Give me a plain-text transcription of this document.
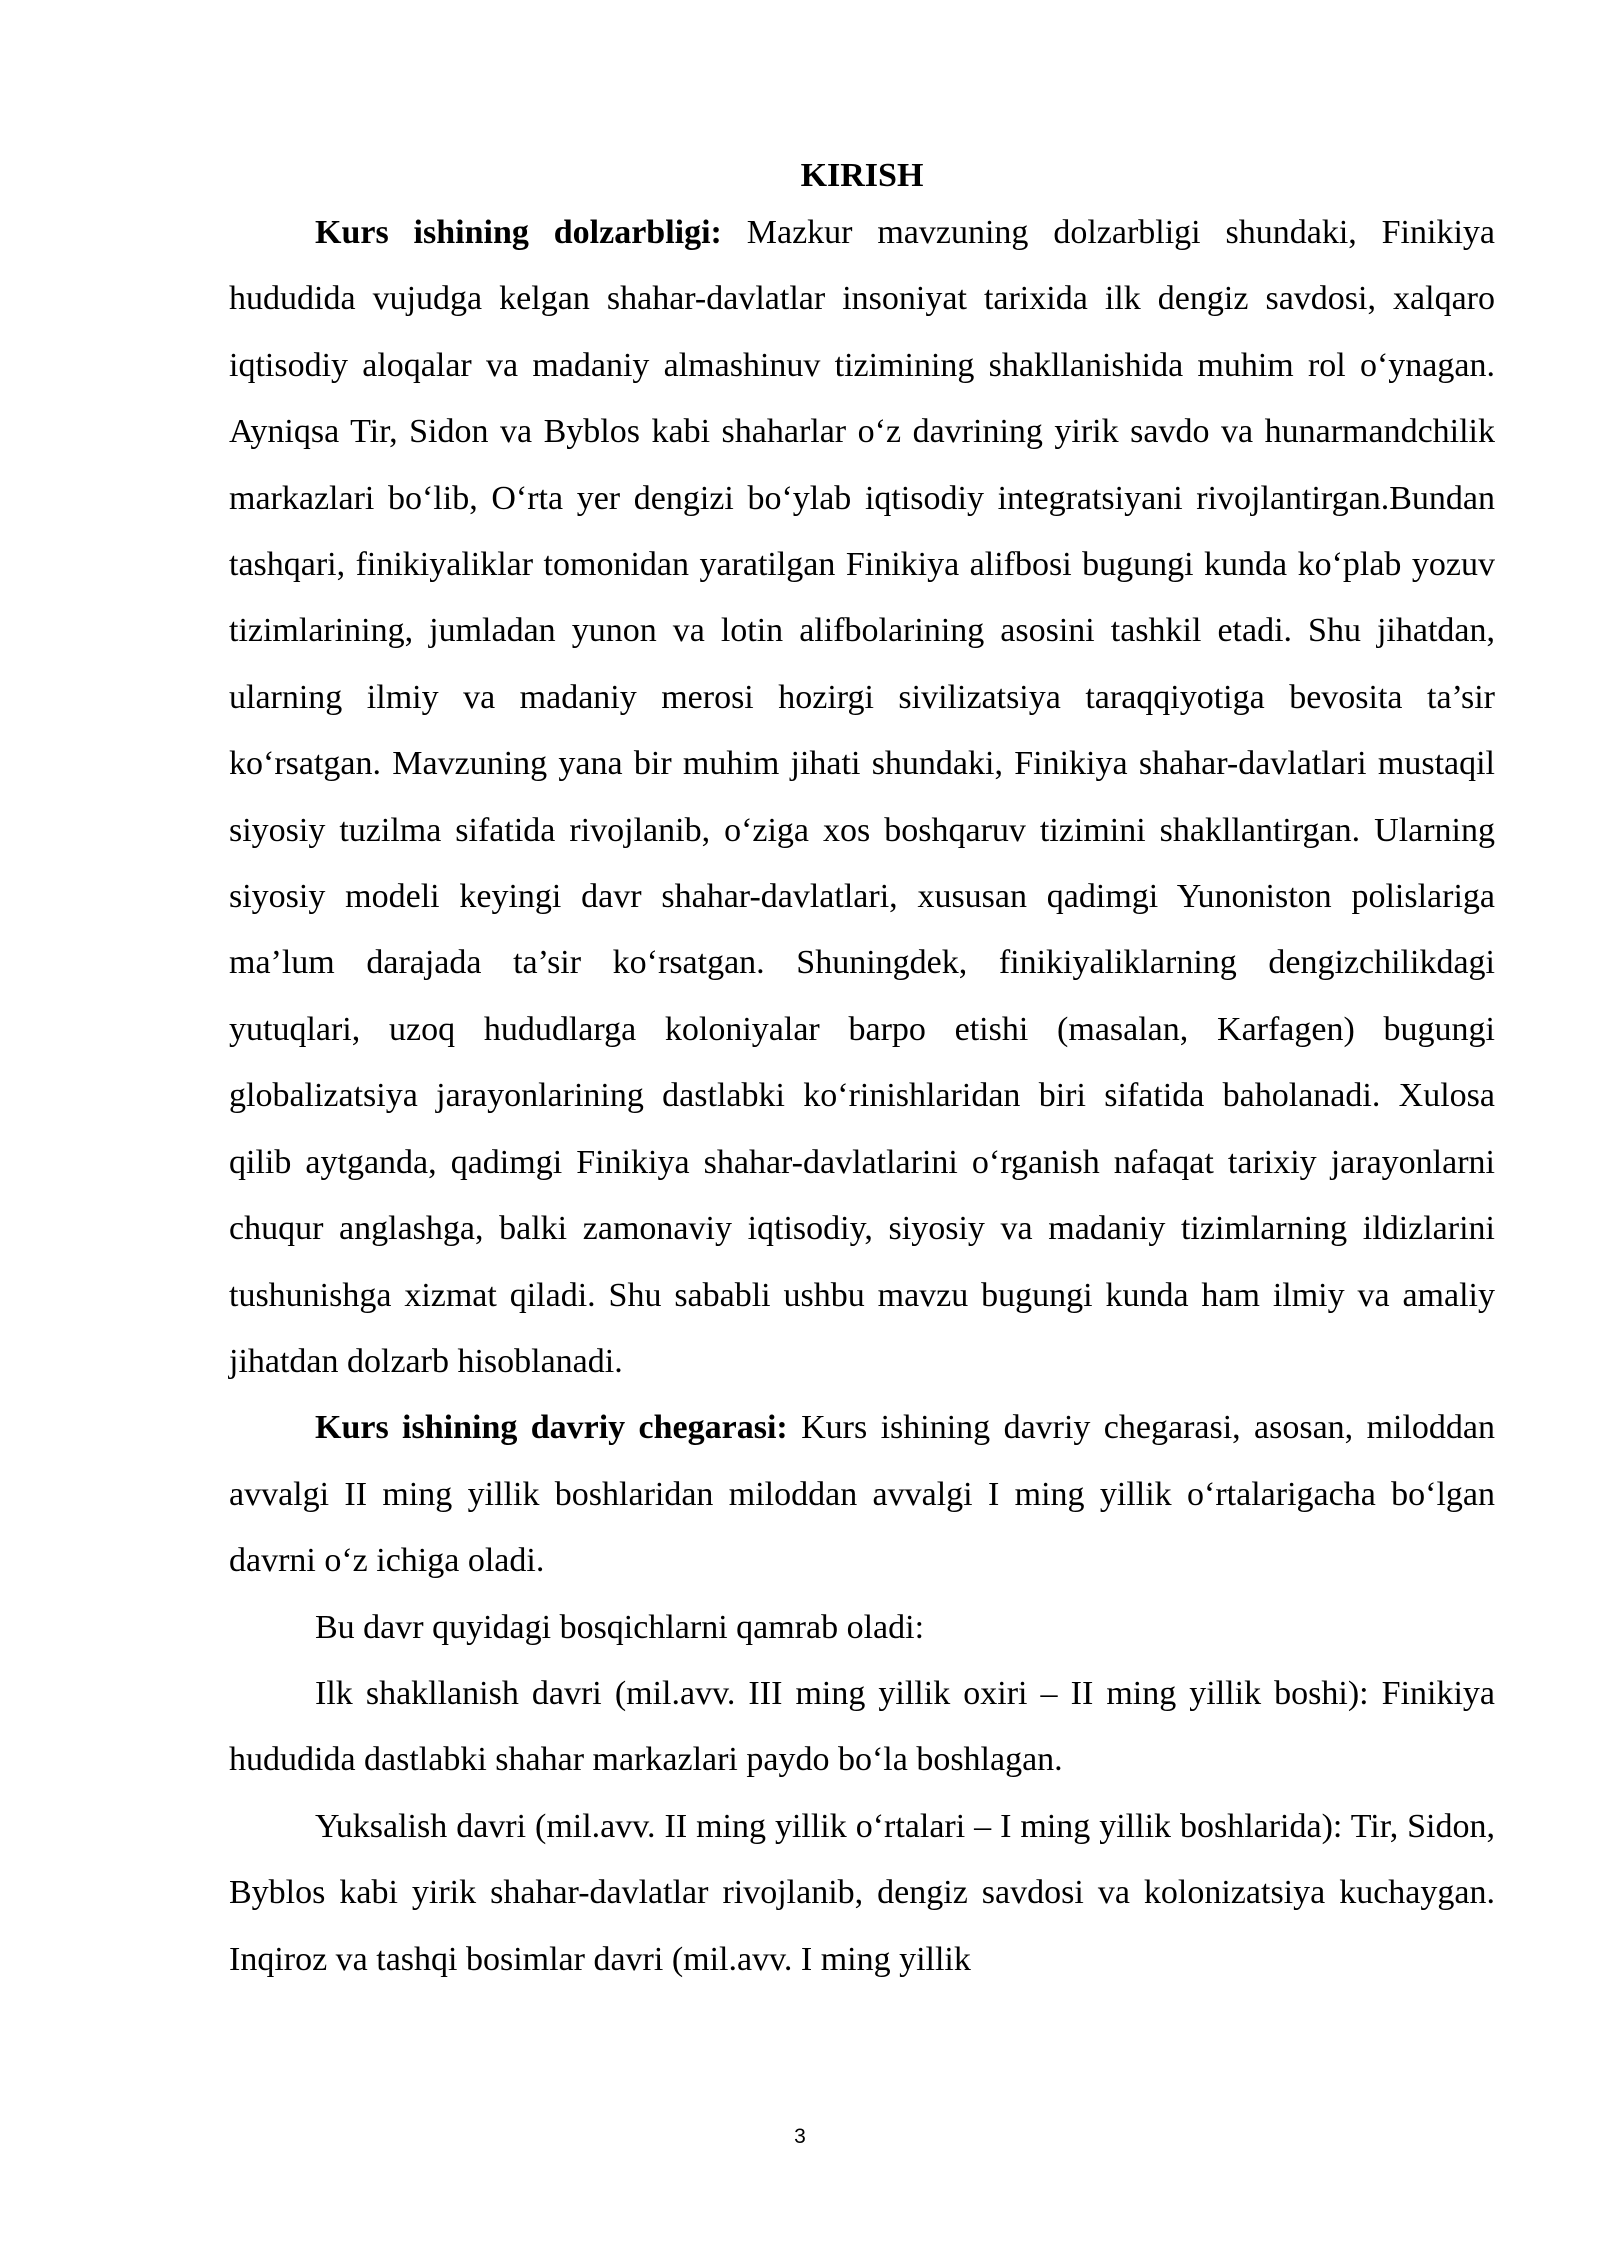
KIRISH

Kurs ishining dolzarbligi: Mazkur mavzuning dolzarbligi shundaki, Finikiya hududida vujudga kelgan shahar-davlatlar insoniyat tarixida ilk dengiz savdosi, xalqaro iqtisodiy aloqalar va madaniy almashinuv tizimining shakllanishida muhim rol o‘ynagan. Ayniqsa Tir, Sidon va Byblos kabi shaharlar o‘z davrining yirik savdo va hunarmandchilik markazlari bo‘lib, O‘rta yer dengizi bo‘ylab iqtisodiy integratsiyani rivojlantirgan.Bundan tashqari, finikiyaliklar tomonidan yaratilgan Finikiya alifbosi bugungi kunda ko‘plab yozuv tizimlarining, jumladan yunon va lotin alifbolarining asosini tashkil etadi. Shu jihatdan, ularning ilmiy va madaniy merosi hozirgi sivilizatsiya taraqqiyotiga bevosita ta’sir ko‘rsatgan. Mavzuning yana bir muhim jihati shundaki, Finikiya shahar-davlatlari mustaqil siyosiy tuzilma sifatida rivojlanib, o‘ziga xos boshqaruv tizimini shakllantirgan. Ularning siyosiy modeli keyingi davr shahar-davlatlari, xususan qadimgi Yunoniston polislariga ma’lum darajada ta’sir ko‘rsatgan. Shuningdek, finikiyaliklarning dengizchilikdagi yutuqlari, uzoq hududlarga koloniyalar barpo etishi (masalan, Karfagen) bugungi globalizatsiya jarayonlarining dastlabki ko‘rinishlaridan biri sifatida baholanadi. Xulosa qilib aytganda, qadimgi Finikiya shahar-davlatlarini o‘rganish nafaqat tarixiy jarayonlarni chuqur anglashga, balki zamonaviy iqtisodiy, siyosiy va madaniy tizimlarning ildizlarini tushunishga xizmat qiladi. Shu sababli ushbu mavzu bugungi kunda ham ilmiy va amaliy jihatdan dolzarb hisoblanadi.

Kurs ishining davriy chegarasi: Kurs ishining davriy chegarasi, asosan, miloddan avvalgi II ming yillik boshlaridan miloddan avvalgi I ming yillik o‘rtalarigacha bo‘lgan davrni o‘z ichiga oladi.

Bu davr quyidagi bosqichlarni qamrab oladi:

Ilk shakllanish davri (mil.avv. III ming yillik oxiri – II ming yillik boshi): Finikiya hududida dastlabki shahar markazlari paydo bo‘la boshlagan.

Yuksalish davri (mil.avv. II ming yillik o‘rtalari – I ming yillik boshlarida): Tir, Sidon, Byblos kabi yirik shahar-davlatlar rivojlanib, dengiz savdosi va kolonizatsiya kuchaygan. Inqiroz va tashqi bosimlar davri (mil.avv. I ming yillik

3
